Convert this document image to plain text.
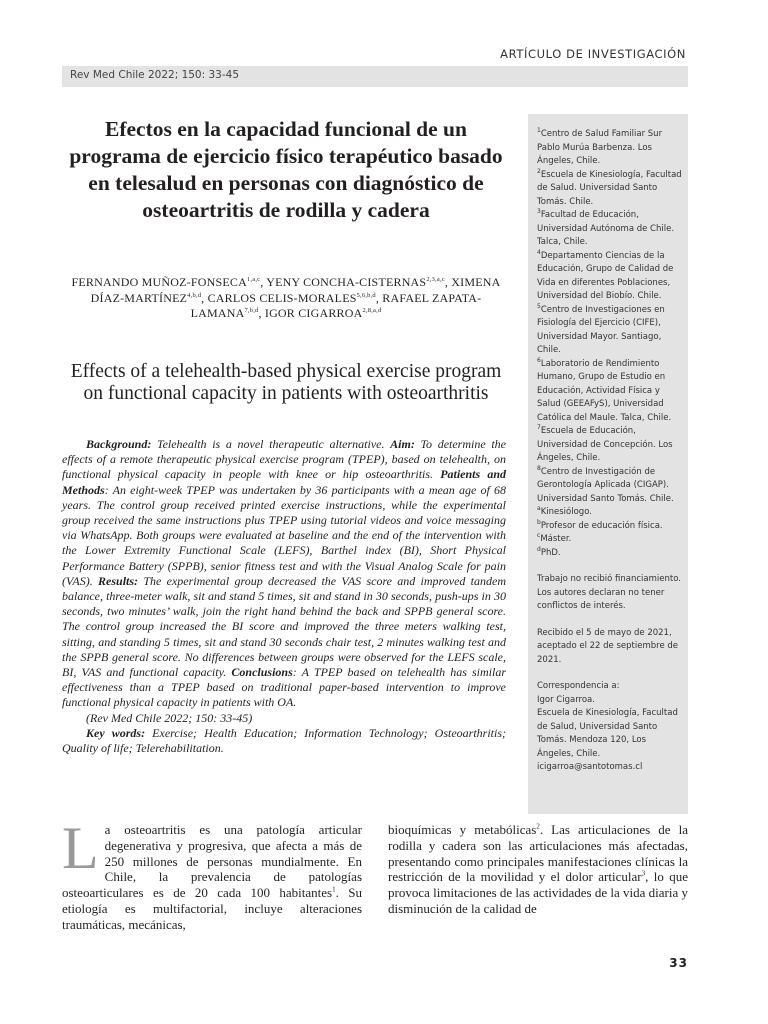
ARTÍCULO DE INVESTIGACIÓN
Rev Med Chile 2022; 150: 33-45

$^1$Centro de Salud Familiar Sur Pablo Murúa Barbenza. Los Ángeles, Chile.

$^2$Escuela de Kinesiología, Facultad de Salud. Universidad Santo Tomás. Chile.

$^3$Facultad de Educación, Universidad Autónoma de Chile. Talca, Chile.

$^4$Departamento Ciencias de la Educación, Grupo de Calidad de Vida en diferentes Poblaciones, Universidad del Biobío. Chile.

$^5$Centro de Investigaciones en Fisiología del Ejercicio (CIFE), Universidad Mayor. Santiago, Chile.

$^6$Laboratorio de Rendimiento Humano, Grupo de Estudio en Educación, Actividad Física y Salud (GEEAFyS), Universidad Católica del Maule. Talca, Chile.

$^7$Escuela de Educación, Universidad de Concepción. Los Ángeles, Chile.

$^8$Centro de Investigación de Gerontología Aplicada (CIGAP). Universidad Santo Tomás. Chile.

$^a$Kinesiólogo.

$^b$Profesor de educación física.

$^c$Máster.

$^d$PhD.

Trabajo no recibió financiamiento.
Los autores declaran no tener conflictos de interés.

Recibido el 5 de mayo de 2021, aceptado el 22 de septiembre de 2021.

Correspondencia a:
Igor Cigarroa.
Escuela de Kinesiología, Facultad de Salud, Universidad Santo Tomás. Mendoza 120, Los Ángeles, Chile.
icigarroa@santotomas.cl

Efectos en la capacidad funcional de un programa de ejercicio físico terapéutico basado en telesalud en personas con diagnóstico de osteoartritis de rodilla y cadera

FERNANDO MUÑOZ-FONSECA$^{1,a,c}$, YENY CONCHA-CISTERNAS$^{2,3,a,c}$, XIMENA DÍAZ-MARTÍNEZ$^{4,b,d}$, CARLOS CELIS-MORALES$^{5,6,b,d}$, RAFAEL ZAPATA-LAMANA$^{7,b,d}$, IGOR CIGARROA$^{2,8,a,d}$

Effects of a telehealth-based physical exercise program on functional capacity in patients with osteoarthritis

Background: Telehealth is a novel therapeutic alternative. Aim: To determine the effects of a remote therapeutic physical exercise program (TPEP), based on telehealth, on functional physical capacity in people with knee or hip osteoarthritis. Patients and Methods: An eight-week TPEP was undertaken by 36 participants with a mean age of 68 years. The control group received printed exercise instructions, while the experimental group received the same instructions plus TPEP using tutorial videos and voice messaging via WhatsApp. Both groups were evaluated at baseline and the end of the intervention with the Lower Extremity Functional Scale (LEFS), Barthel index (BI), Short Physical Performance Battery (SPPB), senior fitness test and with the Visual Analog Scale for pain (VAS). Results: The experimental group decreased the VAS score and improved tandem balance, three-meter walk, sit and stand 5 times, sit and stand in 30 seconds, push-ups in 30 seconds, two minutes’ walk, join the right hand behind the back and SPPB general score. The control group increased the BI score and improved the three meters walking test, sitting, and standing 5 times, sit and stand 30 seconds chair test, 2 minutes walking test and the SPPB general score. No differences between groups were observed for the LEFS scale, BI, VAS and functional capacity. Conclusions: A TPEP based on telehealth has similar effectiveness than a TPEP based on traditional paper-based intervention to improve functional physical capacity in patients with OA.

(Rev Med Chile 2022; 150: 33-45)

Key words: Exercise; Health Education; Information Technology; Osteoarthritis; Quality of life; Telerehabilitation.

La osteoartritis es una patología articular degenerativa y progresiva, que afecta a más de 250 millones de personas mundialmente. En Chile, la prevalencia de patologías osteoarticulares es de 20 cada 100 habitantes$^1$. Su etiología es multifactorial, incluye alteraciones traumáticas, mecánicas,
bioquímicas y metabólicas$^2$. Las articulaciones de la rodilla y cadera son las articulaciones más afectadas, presentando como principales manifestaciones clínicas la restricción de la movilidad y el dolor articular$^3$, lo que provoca limitaciones de las actividades de la vida diaria y disminución de la calidad de
33
